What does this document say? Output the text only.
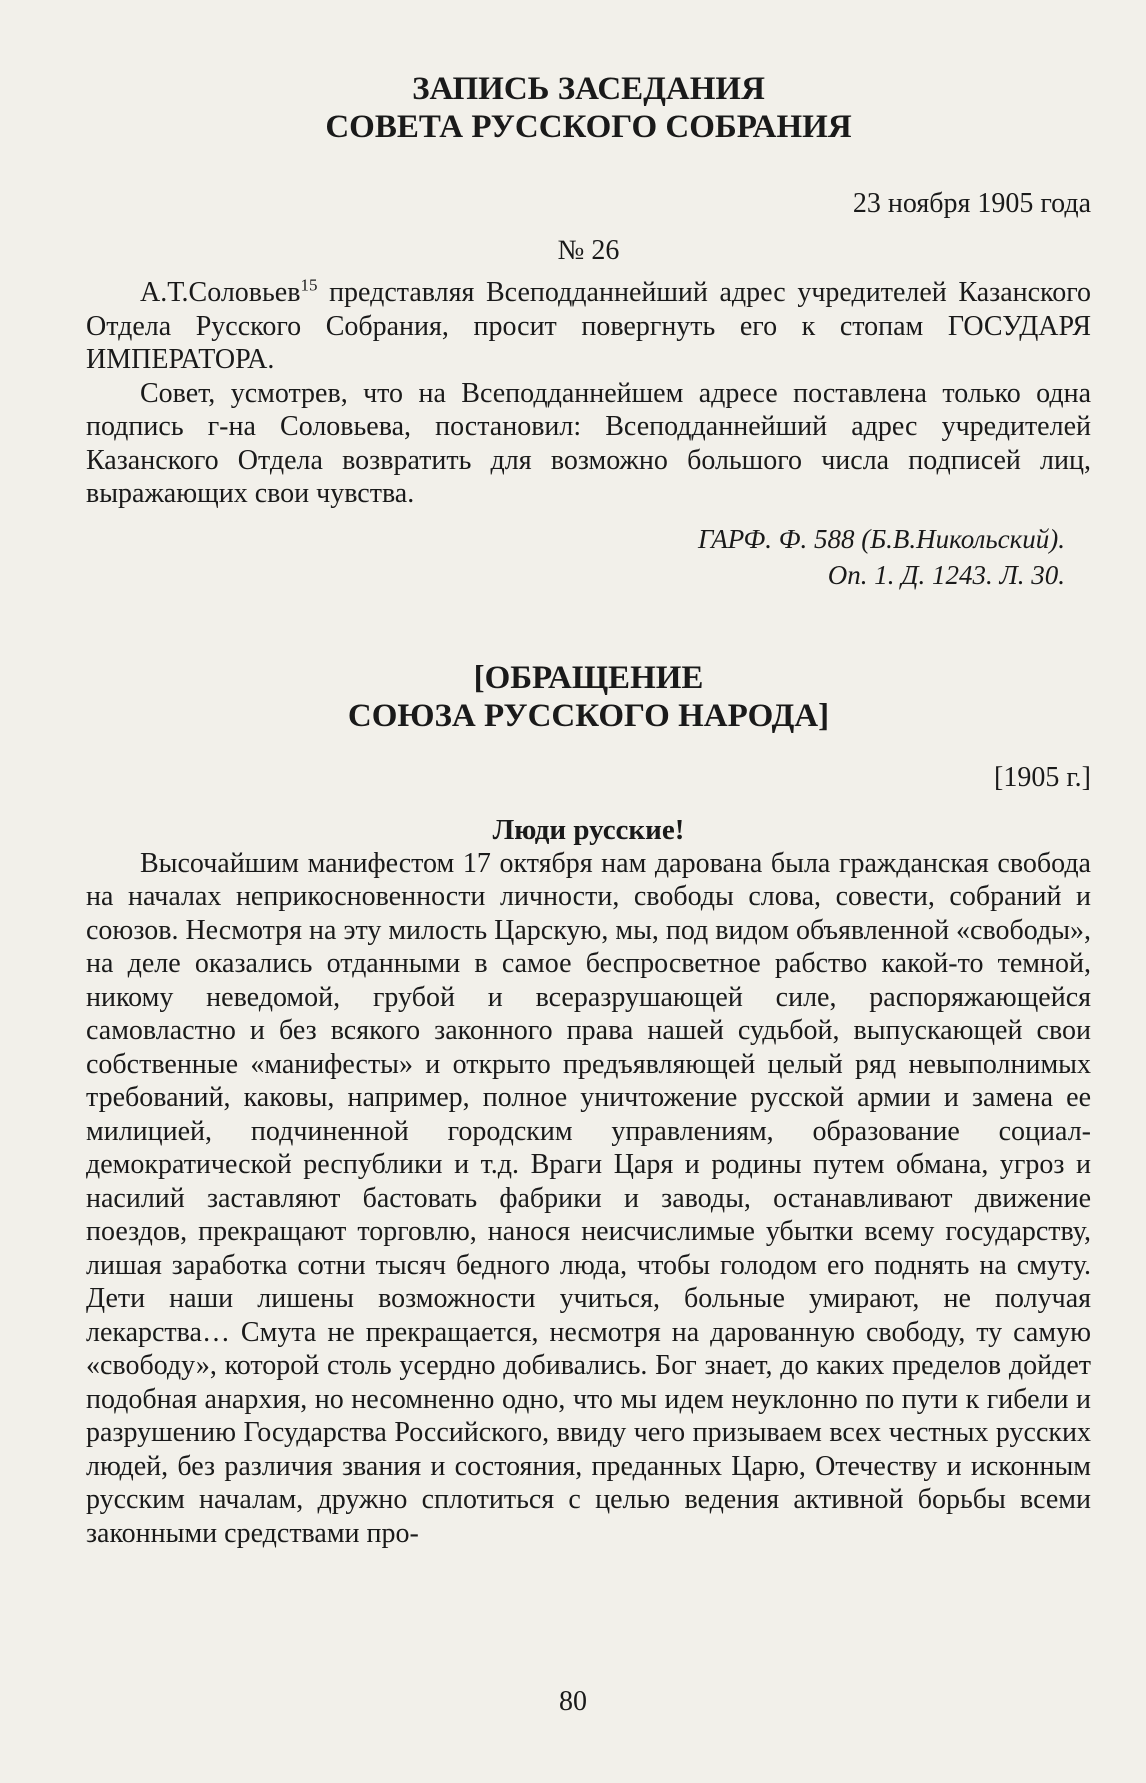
ЗАПИСЬ ЗАСЕДАНИЯ
СОВЕТА РУССКОГО СОБРАНИЯ
23 ноября 1905 года
№ 26

А.Т.Соловьев$^{15}$ представляя Всеподданнейший адрес учредителей Казанского Отдела Русского Собрания, просит повергнуть его к стопам ГОСУДАРЯ ИМПЕРАТОРА.

Совет, усмотрев, что на Всеподданнейшем адресе поставлена только одна подпись г-на Соловьева, постановил: Всеподданнейший адрес учредителей Казанского Отдела возвратить для возможно большого числа подписей лиц, выражающих свои чувства.

ГАРФ. Ф. 588 (Б.В.Никольский).

Оп. 1. Д. 1243. Л. 30.

[ОБРАЩЕНИЕ
СОЮЗА РУССКОГО НАРОДА]
[1905 г.]
Люди русские!

Высочайшим манифестом 17 октября нам дарована была гражданская свобода на началах неприкосновенности личности, свободы слова, совести, собраний и союзов. Несмотря на эту милость Царскую, мы, под видом объявленной «свободы», на деле оказались отданными в самое беспросветное рабство какой-то темной, никому неведомой, грубой и всеразрушающей силе, распоряжающейся самовластно и без всякого законного права нашей судьбой, выпускающей свои собственные «манифесты» и открыто предъявляющей целый ряд невыполнимых требований, каковы, например, полное уничтожение русской армии и замена ее милицией, подчиненной городским управлениям, образование социал-демократической республики и т.д. Враги Царя и родины путем обмана, угроз и насилий заставляют бастовать фабрики и заводы, останавливают движение поездов, прекращают торговлю, нанося неисчислимые убытки всему государству, лишая заработка сотни тысяч бедного люда, чтобы голодом его поднять на смуту. Дети наши лишены возможности учиться, больные умирают, не получая лекарства… Смута не прекращается, несмотря на дарованную свободу, ту самую «свободу», которой столь усердно добивались. Бог знает, до каких пределов дойдет подобная анархия, но несомненно одно, что мы идем неуклонно по пути к гибели и разрушению Государства Российского, ввиду чего призываем всех честных русских людей, без различия звания и состояния, преданных Царю, Отечеству и исконным русским началам, дружно сплотиться с целью ведения активной борьбы всеми законными средствами про-

80
